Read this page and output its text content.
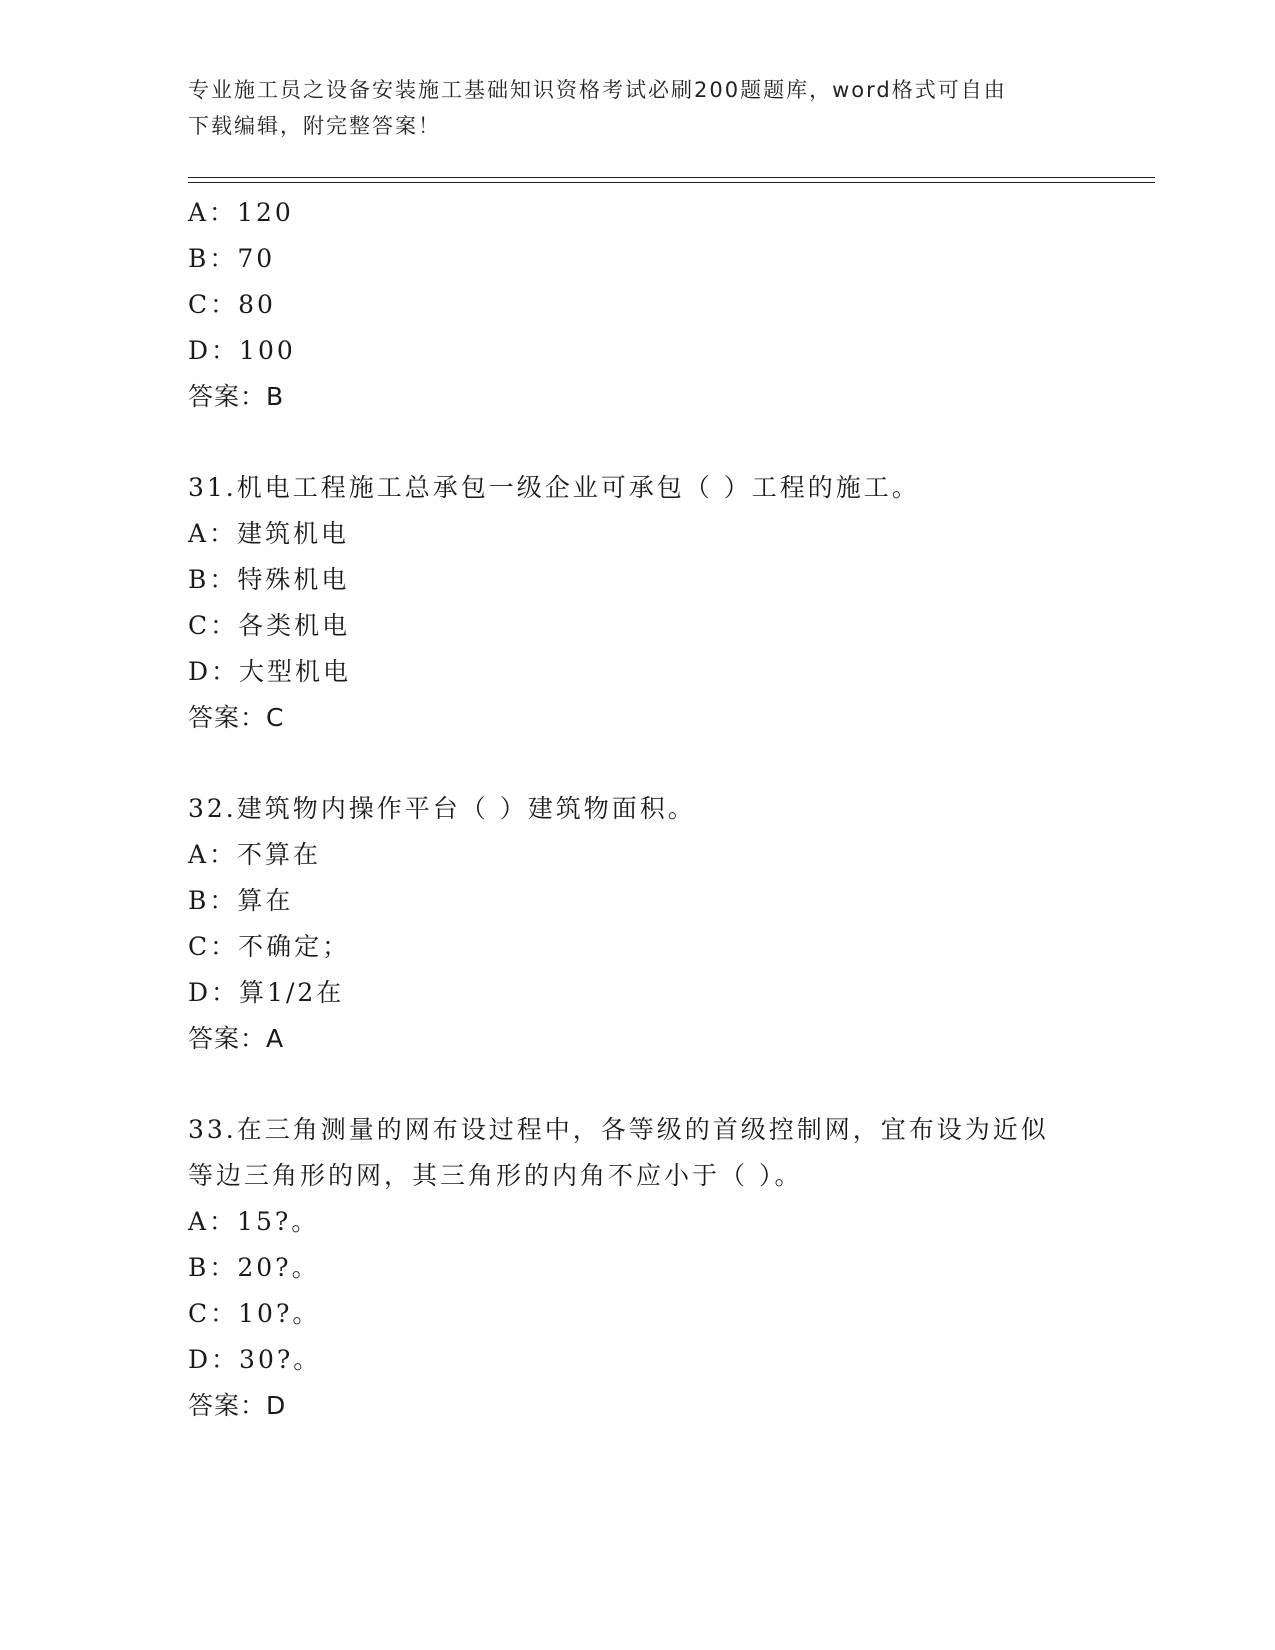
专业施工员之设备安装施工基础知识资格考试必刷200题题库，word格式可自由
下载编辑，附完整答案！
A：120
B：70
C：80
D：100
答案：B
31.机电工程施工总承包一级企业可承包（ ）工程的施工。
A：建筑机电
B：特殊机电
C：各类机电
D：大型机电
答案：C
32.建筑物内操作平台（ ）建筑物面积。
A：不算在
B：算在
C：不确定；
D：算1/2在
答案：A
33.在三角测量的网布设过程中，各等级的首级控制网，宜布设为近似
等边三角形的网，其三角形的内角不应小于（ ）。
A：15?。
B：20?。
C：10?。
D：30?。
答案：D
